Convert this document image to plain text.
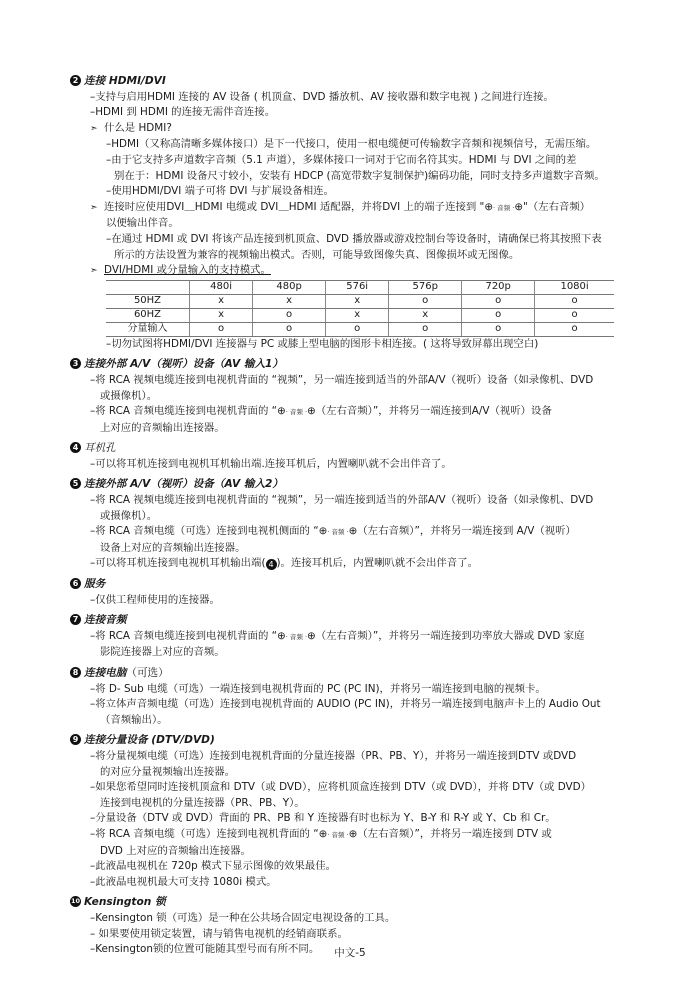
2 连接 HDMI/DVI
–支持与启用HDMI 连接的 AV 设备 ( 机顶盒、DVD 播放机、AV 接收器和数字电视 ) 之间进行连接。
–HDMI 到 HDMI 的连接无需伴音连接。
➣ 什么是 HDMI?
–HDMI（又称高清晰多媒体接口）是下一代接口，使用一根电缆便可传输数字音频和视频信号，无需压缩。
–由于它支持多声道数字音频（5.1 声道），多媒体接口一词对于它而名符其实。HDMI 与 DVI 之间的差
别在于：HDMI 设备尺寸较小，安装有 HDCP (高宽带数字复制保护)编码功能，同时支持多声道数字音频。
–使用HDMI/DVI 端子可将 DVI 与扩展设备相连。
➣ 连接时应使用DVI＿HDMI 电缆或 DVI＿HDMI 适配器，并将DVI 上的端子连接到 "⊕· 音频 ·⊕"（左右音频）
以便输出伴音。
–在通过 HDMI 或 DVI 将该产品连接到机顶盒、DVD 播放器或游戏控制台等设备时，请确保已将其按照下表
所示的方法设置为兼容的视频输出模式。否则，可能导致图像失真、图像损坏或无图像。
➣ DVI/HDMI 或分量输入的支持模式。
	480i	480p	576i	576p	720p	1080i
50HZ	x	x	x	o	o	o
60HZ	x	o	x	x	o	o
分量输入	o	o	o	o	o	o
–切勿试图将HDMI/DVI 连接器与 PC 或膝上型电脑的图形卡相连接。( 这将导致屏幕出现空白)
3 连接外部 A/V（视听）设备（AV 输入1）
–将 RCA 视频电缆连接到电视机背面的 “视频”，另一端连接到适当的外部A/V（视听）设备（如录像机、DVD
或摄像机）。
–将 RCA 音频电缆连接到电视机背面的 “⊕· 音频 ·⊕（左右音频）”，并将另一端连接到A/V（视听）设备
上对应的音频输出连接器。
4 耳机孔
–可以将耳机连接到电视机耳机输出端.连接耳机后，内置喇叭就不会出伴音了。
5 连接外部 A/V（视听）设备（AV 输入2）
–将 RCA 视频电缆连接到电视机背面的 “视频”，另一端连接到适当的外部A/V（视听）设备（如录像机、DVD
或摄像机）。
–将 RCA 音频电缆（可选）连接到电视机侧面的 “⊕· 音频 ·⊕（左右音频）”，并将另一端连接到 A/V（视听）
设备上对应的音频输出连接器。
–可以将耳机连接到电视机耳机输出端( 4 )。连接耳机后，内置喇叭就不会出伴音了。
6 服务
–仅供工程师使用的连接器。
7 连接音频
–将 RCA 音频电缆连接到电视机背面的 “⊕· 音频 ·⊕（左右音频）”，并将另一端连接到功率放大器或 DVD 家庭
影院连接器上对应的音频。
8 连接电脑（可选）
–将 D- Sub 电缆（可选）一端连接到电视机背面的 PC (PC IN)，并将另一端连接到电脑的视频卡。
–将立体声音频电缆（可选）连接到电视机背面的 AUDIO (PC IN)，并将另一端连接到电脑声卡上的 Audio Out
（音频输出）。
9 连接分量设备 (DTV/DVD)
–将分量视频电缆（可选）连接到电视机背面的分量连接器（PR、PB、Y），并将另一端连接到DTV 或DVD
的对应分量视频输出连接器。
–如果您希望同时连接机顶盒和 DTV（或 DVD），应将机顶盒连接到 DTV（或 DVD），并将 DTV（或 DVD）
连接到电视机的分量连接器（PR、PB、Y）。
–分量设备（DTV 或 DVD）背面的 PR、PB 和 Y 连接器有时也标为 Y、B-Y 和 R-Y 或 Y、Cb 和 Cr。
–将 RCA 音频电缆（可选）连接到电视机背面的 “⊕· 音频 ·⊕（左右音频）”，并将另一端连接到 DTV 或
DVD 上对应的音频输出连接器。
–此液晶电视机在 720p 模式下显示图像的效果最佳。
–此液晶电视机最大可支持 1080i 模式。
10 Kensington 锁
–Kensington 锁（可选）是一种在公共场合固定电视设备的工具。
– 如果要使用锁定装置，请与销售电视机的经销商联系。
–Kensington锁的位置可能随其型号而有所不同。	中文-5
